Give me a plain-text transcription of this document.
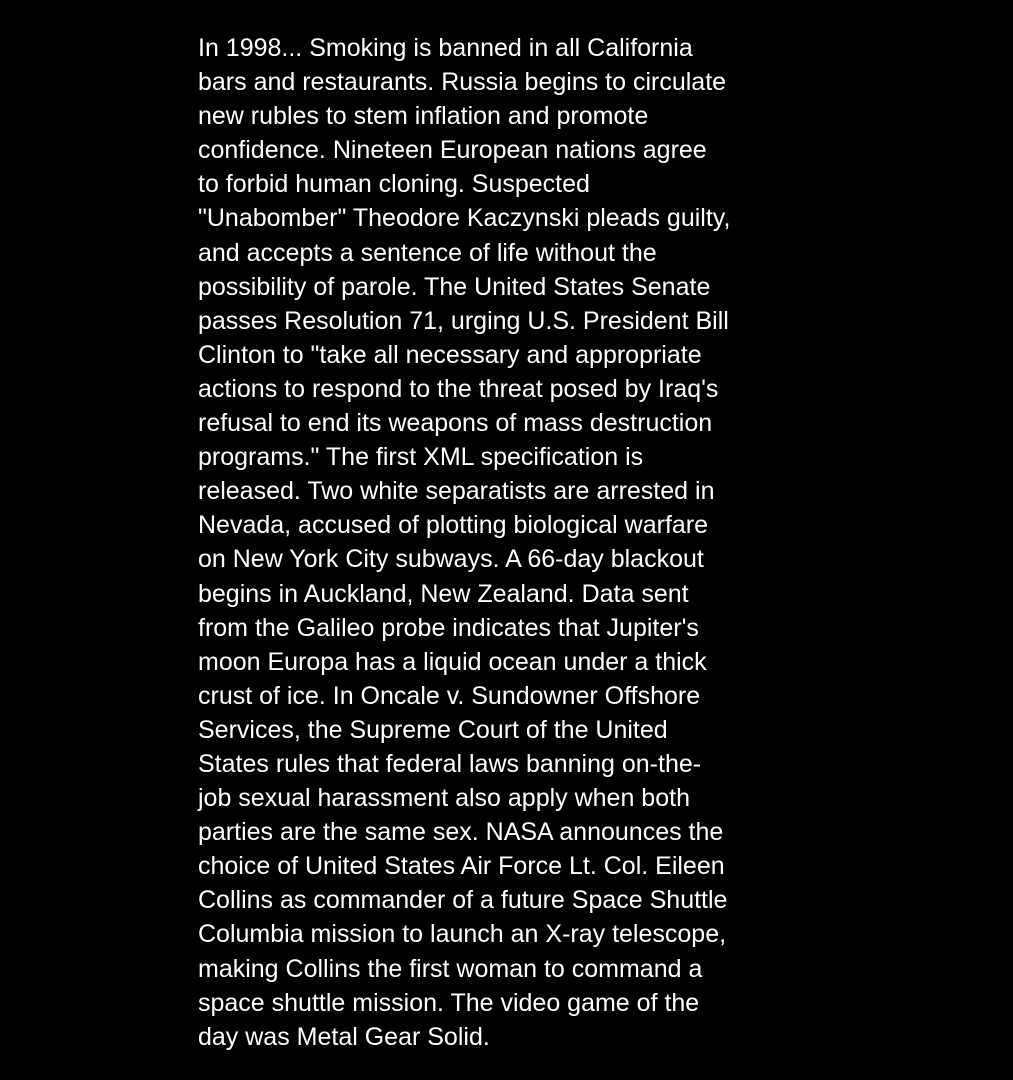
In 1998... Smoking is banned in all California
bars and restaurants. Russia begins to circulate
new rubles to stem inflation and promote
confidence. Nineteen European nations agree
to forbid human cloning. Suspected
"Unabomber" Theodore Kaczynski pleads guilty,
and accepts a sentence of life without the
possibility of parole. The United States Senate
passes Resolution 71, urging U.S. President Bill
Clinton to "take all necessary and appropriate
actions to respond to the threat posed by Iraq's
refusal to end its weapons of mass destruction
programs." The first XML specification is
released. Two white separatists are arrested in
Nevada, accused of plotting biological warfare
on New York City subways. A 66-day blackout
begins in Auckland, New Zealand. Data sent
from the Galileo probe indicates that Jupiter's
moon Europa has a liquid ocean under a thick
crust of ice. In Oncale v. Sundowner Offshore
Services, the Supreme Court of the United
States rules that federal laws banning on-the-
job sexual harassment also apply when both
parties are the same sex. NASA announces the
choice of United States Air Force Lt. Col. Eileen
Collins as commander of a future Space Shuttle
Columbia mission to launch an X-ray telescope,
making Collins the first woman to command a
space shuttle mission. The video game of the
day was Metal Gear Solid.
